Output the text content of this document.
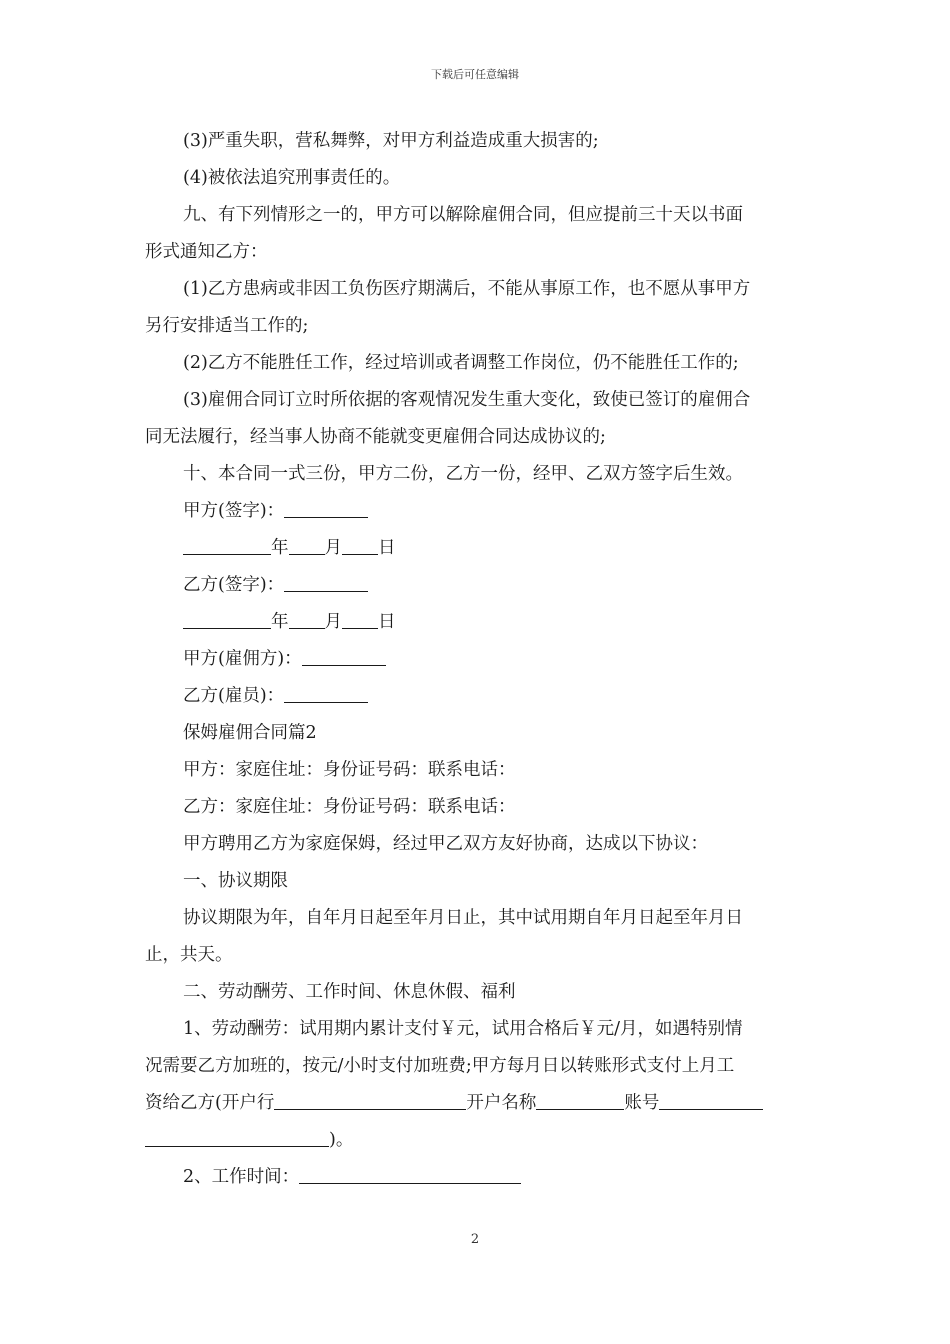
下载后可任意编辑

(3)严重失职，营私舞弊，对甲方利益造成重大损害的;

(4)被依法追究刑事责任的。

九、有下列情形之一的，甲方可以解除雇佣合同，但应提前三十天以书面

形式通知乙方：

(1)乙方患病或非因工负伤医疗期满后，不能从事原工作，也不愿从事甲方

另行安排适当工作的;

(2)乙方不能胜任工作，经过培训或者调整工作岗位，仍不能胜任工作的;

(3)雇佣合同订立时所依据的客观情况发生重大变化，致使已签订的雇佣合

同无法履行，经当事人协商不能就变更雇佣合同达成协议的;

十、本合同一式三份，甲方二份，乙方一份，经甲、乙双方签字后生效。

甲方(签字)：

年 月 日

乙方(签字)：

年 月 日

甲方(雇佣方)：

乙方(雇员)：

保姆雇佣合同篇2

甲方：家庭住址：身份证号码：联系电话：

乙方：家庭住址：身份证号码：联系电话：

甲方聘用乙方为家庭保姆，经过甲乙双方友好协商，达成以下协议：

一、协议期限

协议期限为年，自年月日起至年月日止，其中试用期自年月日起至年月日

止，共天。

二、劳动酬劳、工作时间、休息休假、福利

1、劳动酬劳：试用期内累计支付￥元，试用合格后￥元/月，如遇特别情

况需要乙方加班的，按元/小时支付加班费;甲方每月日以转账形式支付上月工

资给乙方(开户行	开户名称	账号

)。

2、工作时间：

2
